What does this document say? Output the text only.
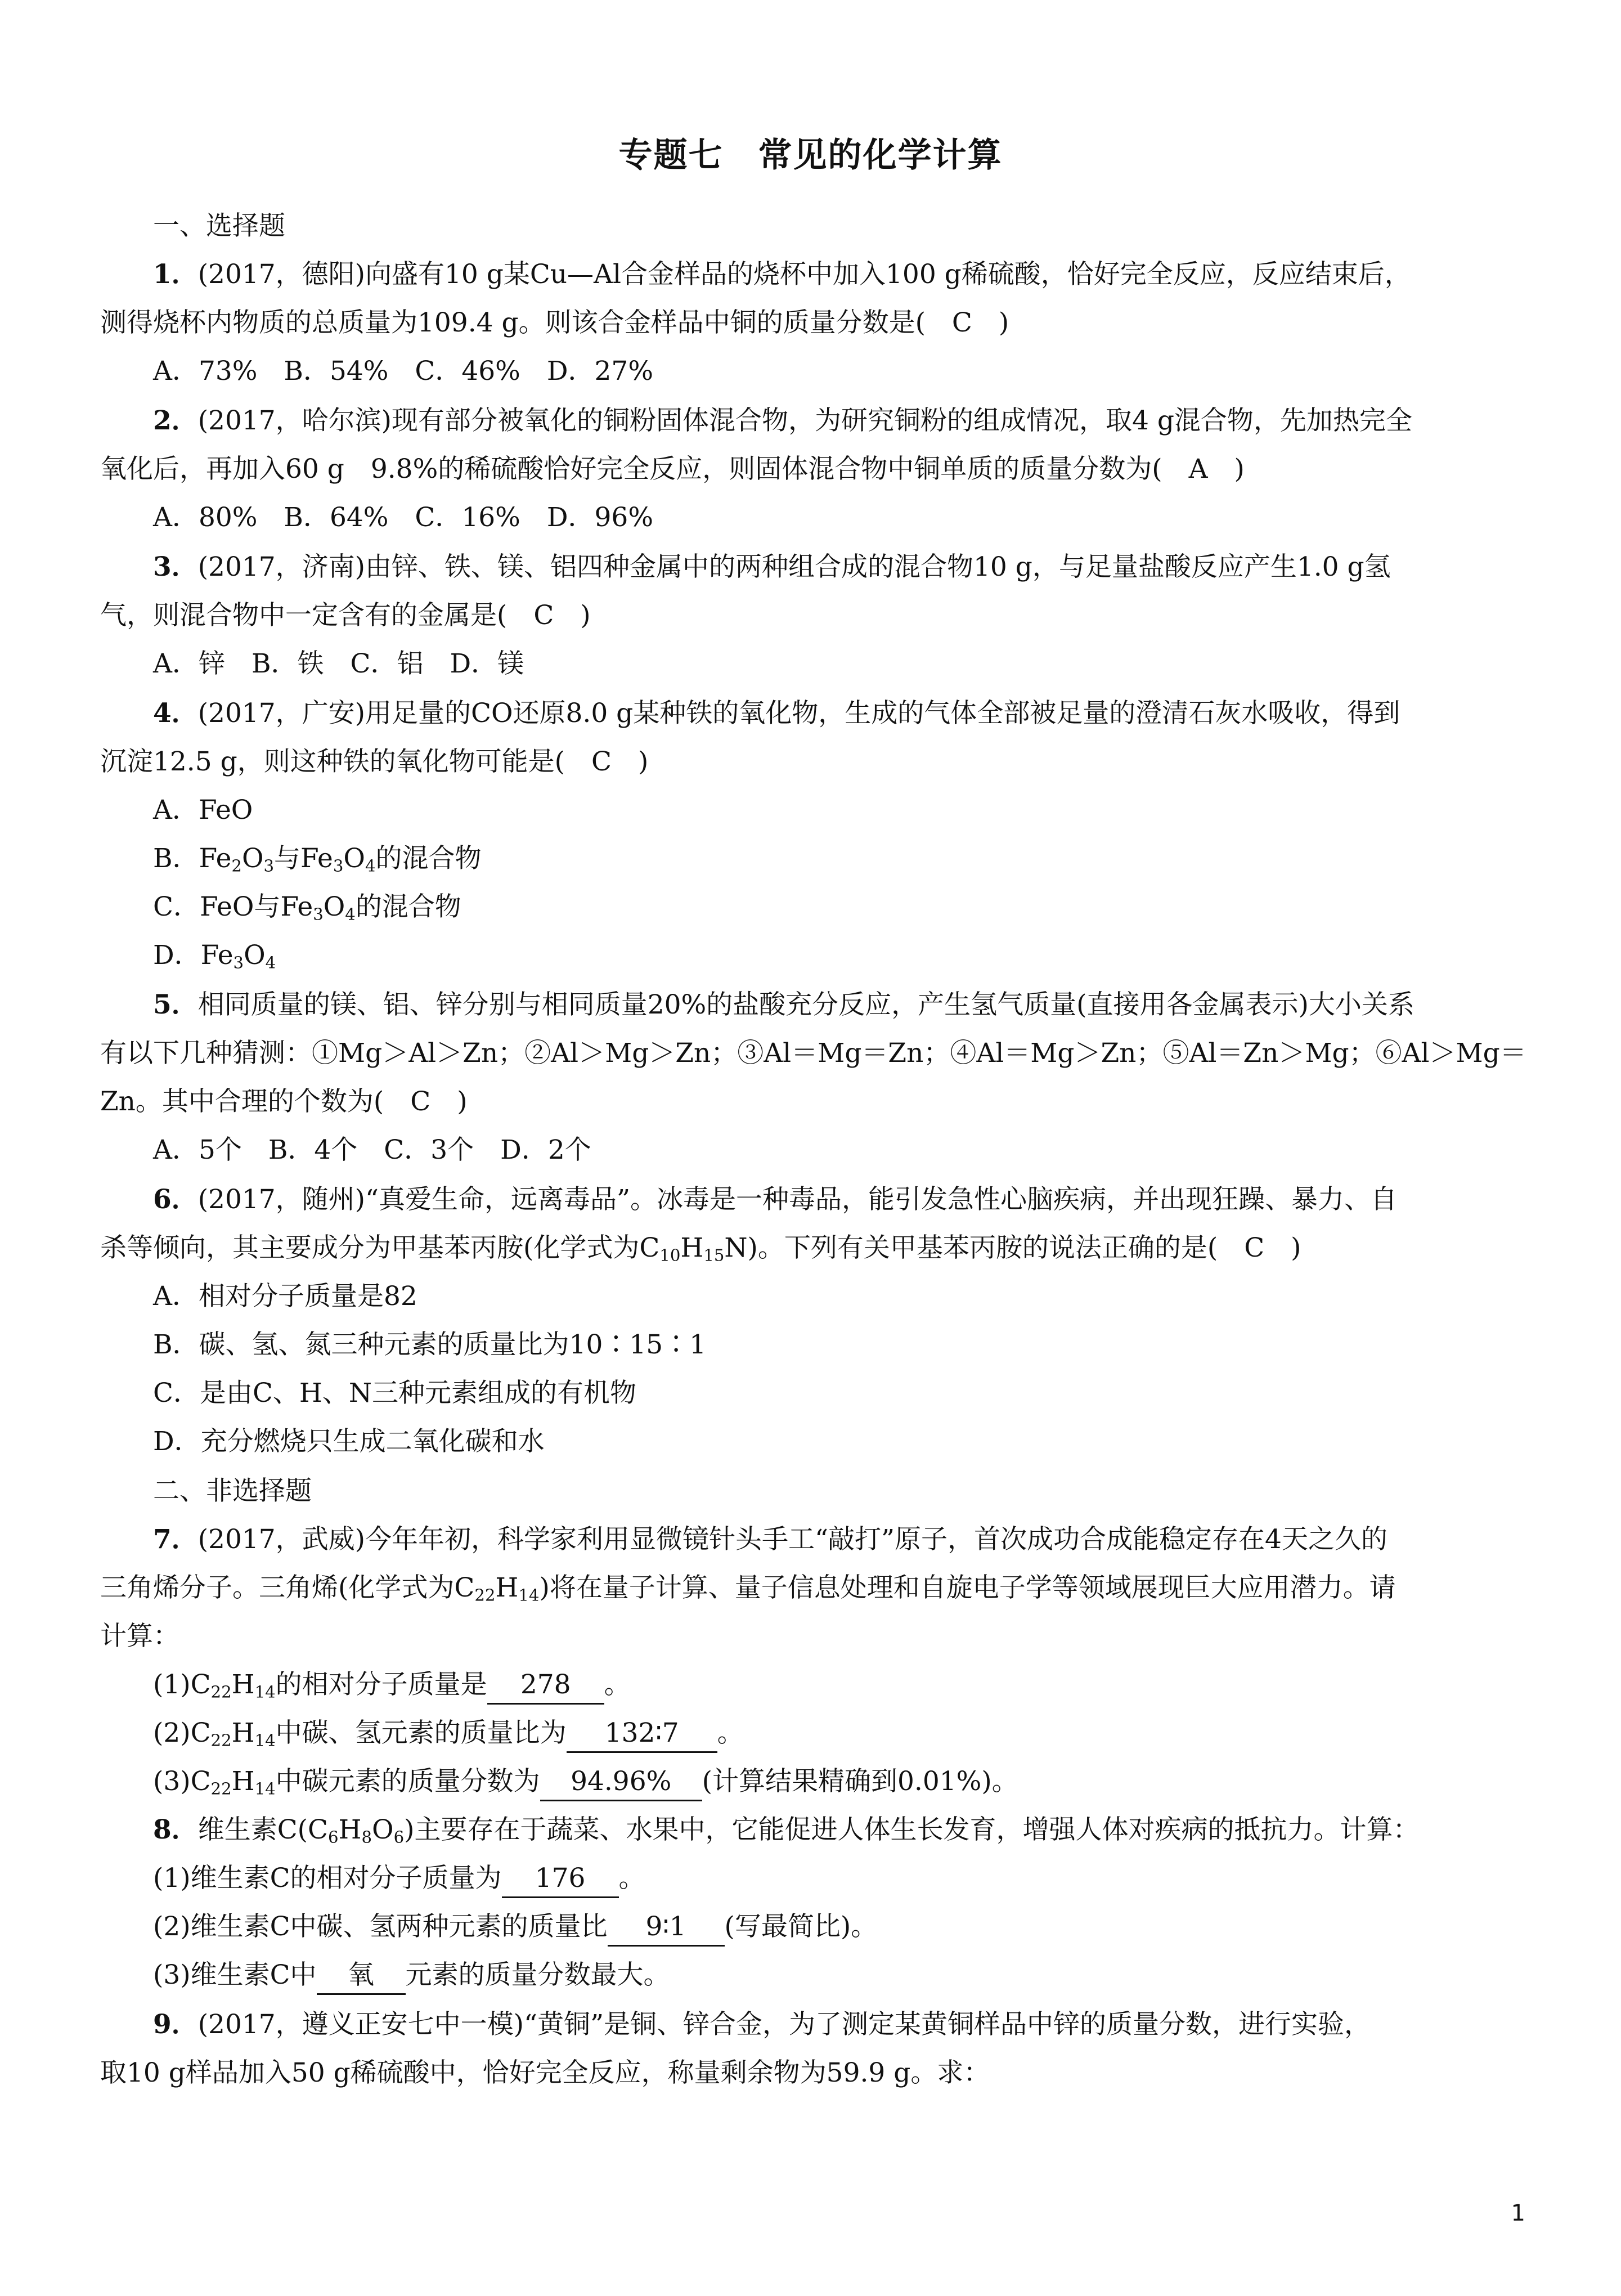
专题七　常见的化学计算
一、选择题
1．(2017，德阳)向盛有10 g某Cu—Al合金样品的烧杯中加入100 g稀硫酸，恰好完全反应，反应结束后，
测得烧杯内物质的总质量为109.4 g。则该合金样品中铜的质量分数是(　C　)
A．73%　B．54%　C．46%　D．27%
2．(2017，哈尔滨)现有部分被氧化的铜粉固体混合物，为研究铜粉的组成情况，取4 g混合物，先加热完全
氧化后，再加入60 g　9.8%的稀硫酸恰好完全反应，则固体混合物中铜单质的质量分数为(　A　)
A．80%　B．64%　C．16%　D．96%
3．(2017，济南)由锌、铁、镁、铝四种金属中的两种组合成的混合物10 g，与足量盐酸反应产生1.0 g氢
气，则混合物中一定含有的金属是(　C　)
A．锌　B．铁　C．铝　D．镁
4．(2017，广安)用足量的CO还原8.0 g某种铁的氧化物，生成的气体全部被足量的澄清石灰水吸收，得到
沉淀12.5 g，则这种铁的氧化物可能是(　C　)
A．FeO
B．$Fe_2O_3$与$Fe_3O_4$的混合物
C．FeO与$Fe_3O_4$的混合物
D．$Fe_3O_4$
5．相同质量的镁、铝、锌分别与相同质量20%的盐酸充分反应，产生氢气质量(直接用各金属表示)大小关系
有以下几种猜测：①Mg＞Al＞Zn；②Al＞Mg＞Zn；③Al＝Mg＝Zn；④Al＝Mg＞Zn；⑤Al＝Zn＞Mg；⑥Al＞Mg＝
Zn。其中合理的个数为(　C　)
A．5个　B．4个　C．3个　D．2个
6．(2017，随州)“真爱生命，远离毒品”。冰毒是一种毒品，能引发急性心脑疾病，并出现狂躁、暴力、自
杀等倾向，其主要成分为甲基苯丙胺(化学式为$C_{10}H_{15}N$)。下列有关甲基苯丙胺的说法正确的是(　C　)
A．相对分子质量是82
B．碳、氢、氮三种元素的质量比为10∶15∶1
C．是由C、H、N三种元素组成的有机物
D．充分燃烧只生成二氧化碳和水
二、非选择题
7．(2017，武威)今年年初，科学家利用显微镜针头手工“敲打”原子，首次成功合成能稳定存在4天之久的
三角烯分子。三角烯(化学式为$C_{22}H_{14}$)将在量子计算、量子信息处理和自旋电子学等领域展现巨大应用潜力。请
计算：
$(1)C_{22}H_{14}$的相对分子质量是 278 。
$(2)C_{22}H_{14}$中碳、氢元素的质量比为 132∶7 。
$(3)C_{22}H_{14}$中碳元素的质量分数为 94.96% (计算结果精确到0.01%)。
8．维生素$C(C_6H_8O_6)$主要存在于蔬菜、水果中，它能促进人体生长发育，增强人体对疾病的抵抗力。计算：
(1)维生素C的相对分子质量为 176 。
(2)维生素C中碳、氢两种元素的质量比 9∶1 (写最简比)。
(3)维生素C中 氧 元素的质量分数最大。
9．(2017，遵义正安七中一模)“黄铜”是铜、锌合金，为了测定某黄铜样品中锌的质量分数，进行实验，
取10 g样品加入50 g稀硫酸中，恰好完全反应，称量剩余物为59.9 g。求：
1
